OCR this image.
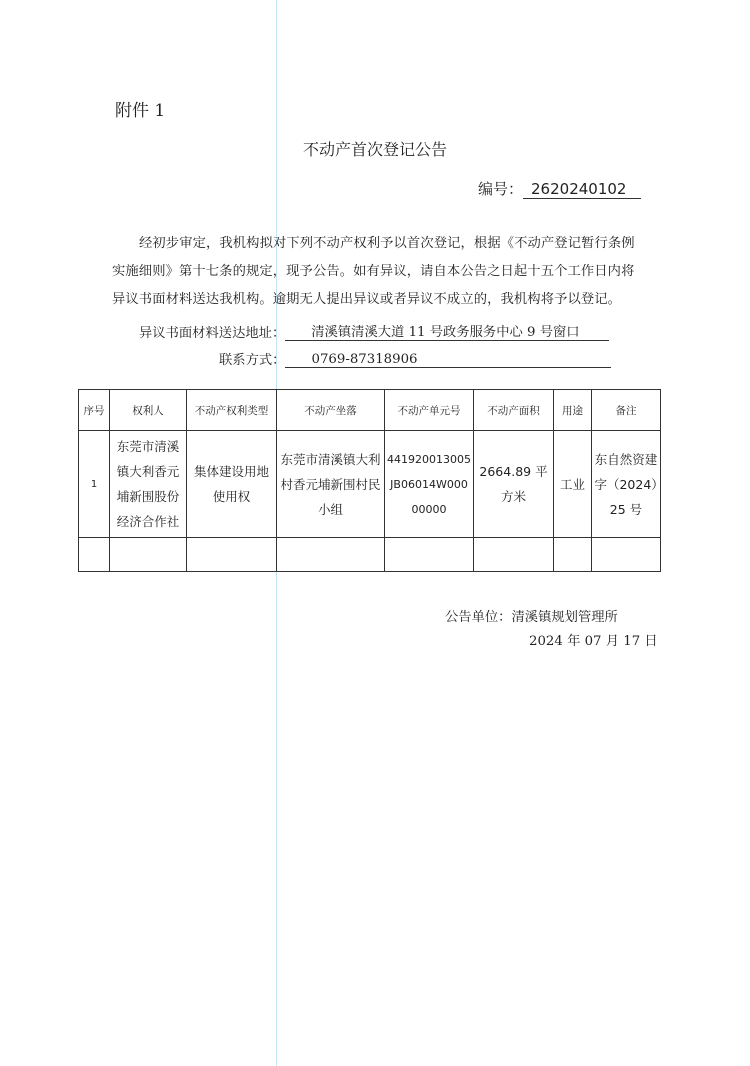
附件 1
不动产首次登记公告
编号： 2620240102
经初步审定，我机构拟对下列不动产权利予以首次登记，根据《不动产登记暂行条例实施细则》第十七条的规定，现予公告。如有异议，请自本公告之日起十五个工作日内将异议书面材料送达我机构。逾期无人提出异议或者异议不成立的，我机构将予以登记。
异议书面材料送达地址： 清溪镇清溪大道 11 号政务服务中心 9 号窗口
联系方式： 0769-87318906
序号	权利人	不动产权利类型	不动产坐落	不动产单元号	不动产面积	用途	备注
1	东莞市清溪镇大利香元埔新围股份经济合作社	集体建设用地使用权	东莞市清溪镇大利村香元埔新围村民小组	441920013005JB06014W00000000	2664.89 平方米	工业	东自然资建字（2024）25 号

公告单位：清溪镇规划管理所
2024 年 07 月 17 日
